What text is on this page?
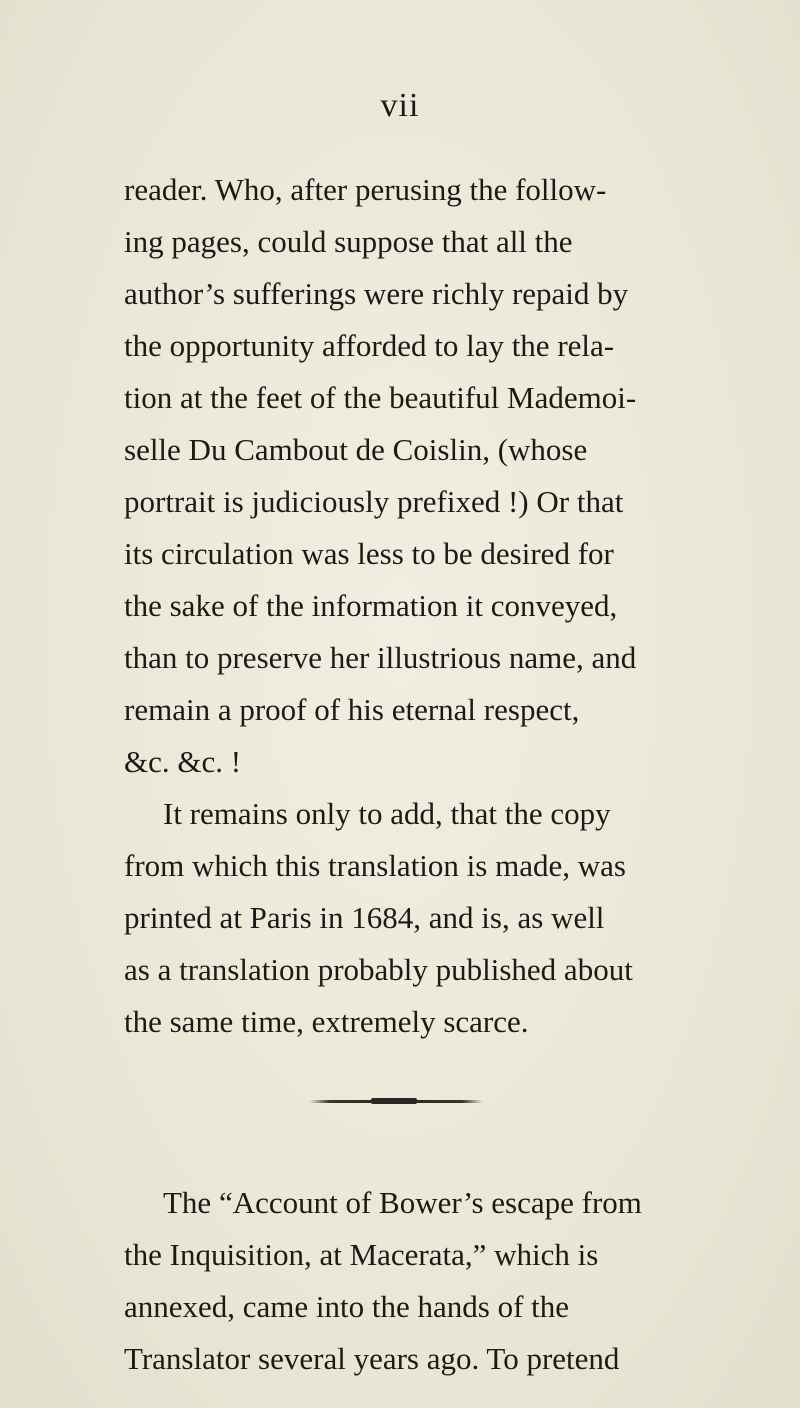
vii
reader. Who, after perusing the follow-
ing pages, could suppose that all the
author’s sufferings were richly repaid by
the opportunity afforded to lay the rela-
tion at the feet of the beautiful Mademoi-
selle Du Cambout de Coislin, (whose
portrait is judiciously prefixed !) Or that
its circulation was less to be desired for
the sake of the information it conveyed,
than to preserve her illustrious name, and
remain a proof of his eternal respect,
&c. &c. !
It remains only to add, that the copy
from which this translation is made, was
printed at Paris in 1684, and is, as well
as a translation probably published about
the same time, extremely scarce.
The “Account of Bower’s escape from
the Inquisition, at Macerata,” which is
annexed, came into the hands of the
Translator several years ago. To pretend
